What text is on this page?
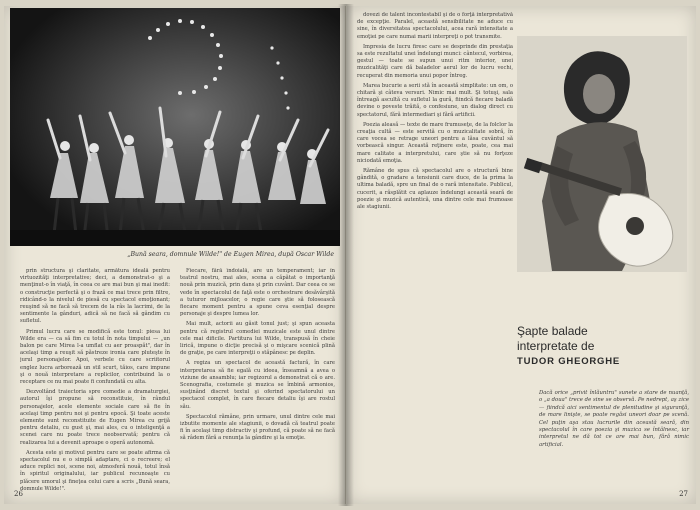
„Bună seara, domnule Wilde!" de Eugen Mirea, după Oscar Wilde

prin structura şi claritate, armătura ideală pentru virtuozităţi interpretative; deci, a demonstrat-o şi a menţinut-o în viaţă, în ceea ce are mai bun şi mai inedit: o construcţie perfectă şi o frază ce mai trece prin filtre, ridicând-o la nivelul de piesă cu spectacol emoţionant; reuşind să ne facă să trecem de la râs la lacrimi, de la sentimente la gânduri, adică să ne facă să gândim cu sufletul.

Primul lucru care se modifică este tonul: piesa lui Wilde era — ca să fim cu totul în nota timpului — „un balon pe care Mirea l-a umflat cu aer proaspăt", dar în acelaşi timp a reuşit să păstreze ironia care pluteşte în jurul personajelor. Apoi, verbele cu care scriitorul englez lucra arborează un stil scurt, tăios, care impune şi o nouă interpretare a replicilor, contribuind la o receptare ce nu mai poate fi confundată cu alta.

Dezvoltând traiectoria spre comedie a dramaturgiei, autorul îşi propune să reconstituie, în rândul personajelor, acele elemente sociale care să fie în acelaşi timp pentru noi şi pentru epocă. Şi toate aceste elemente sunt reconstituite de Eugen Mirea cu grijă pentru detaliu, cu gust şi, mai ales, cu o inteligenţă a scenei care nu poate trece neobservată; pentru că realizarea lui a devenit aproape o operă autonomă.

Acesta este şi motivul pentru care se poate afirma că spectacolul nu e o simplă adaptare, ci o recreere; el aduce replici noi, scene noi, atmosferă nouă, totul însă în spiritul originalului, iar publicul recunoaşte cu plăcere umorul şi fineţea celui care a scris „Bună seara, domnule Wilde!".

Fiecare, fără îndoială, are un temperament; iar în teatrul nostru, mai ales, scena a căpătat o importanţă nouă prin muzică, prin dans şi prin cuvânt. Dar ceea ce se vede în spectacolul de faţă este o orchestrare desăvârşită a tuturor mijloacelor, o regie care ştie să folosească fiecare moment pentru a spune ceva esenţial despre personaje şi despre lumea lor.

Mai mult, actorii au găsit tonul just; şi spun aceasta pentru că registrul comediei muzicale este unul dintre cele mai dificile. Partitura lui Wilde, transpusă în cheie lirică, impune o dicţie precisă şi o mişcare scenică plină de graţie, pe care interpreţii o stăpânesc pe deplin.

A regiza un spectacol de această factură, în care interpretarea să fie egală cu ideea, înseamnă a avea o viziune de ansamblu; iar regizorul a demonstrat că o are. Scenografia, costumele şi muzica se îmbină armonios, susţinând discret textul şi oferind spectatorului un spectacol complet, în care fiecare detaliu îşi are rostul său.

Spectacolul rămâne, prin urmare, unul dintre cele mai izbutite momente ale stagiunii, o dovadă că teatrul poate fi în acelaşi timp distractiv şi profund, că poate să ne facă să râdem fără a renunţa la gândire şi la emoţie.

26

dovezi de talent incontestabil şi de o forţă interpretativă de excepţie. Paralel, această sensibilitate ne aduce cu sine, în diversitatea spectacolului, acea rară intensitate a emoţiei pe care numai marii interpreţi o pot transmite.

Impresia de lucru firesc care se desprinde din prestaţia sa este rezultatul unei îndelungi munci: cântecul, vorbirea, gestul — toate se supun unui ritm interior, unei muzicalităţi care dă baladelor aerul lor de lucru vechi, recuperat din memoria unui popor întreg.

Marea bucurie a serii stă în această simplitate: un om, o chitară şi câteva versuri. Nimic mai mult. Şi totuşi, sala întreagă ascultă cu sufletul la gură, fiindcă fiecare baladă devine o poveste trăită, o confesiune, un dialog direct cu spectatorul, fără intermediari şi fără artificii.

Poezia aleasă — texte de mare frumuseţe, de la folclor la creaţia cultă — este servită cu o muzicalitate sobră, în care vocea se retrage uneori pentru a lăsa cuvântul să vorbească singur. Această reţinere este, poate, cea mai mare calitate a interpretului, care ştie să nu forţeze niciodată emoţia.

Rămâne de spus că spectacolul are o structură bine gândită, o gradare a tensiunii care duce, de la prima la ultima baladă, spre un final de o rară intensitate. Publicul, cucerit, a răsplătit cu aplauze îndelungi această seară de poezie şi muzică autentică, una dintre cele mai frumoase ale stagiunii.

Şapte balade
interpretate de
TUDOR GHEORGHE
Dacă orice „privit înlăuntru" sunete a stare de nuanţă, o „a doua" trece de sine se observă. Pe nedrept, aş zice — fiindcă aici sentimentul de plenitudine şi siguranţă, de mare linişte, se poate regăsi uneori doar pe scenă. Cel puţin aşa stau lucrurile din această seară, din spectacolul în care poezia şi muzica se întâlnesc, iar interpretul ne dă tot ce are mai bun, fără nimic artificial.
27
